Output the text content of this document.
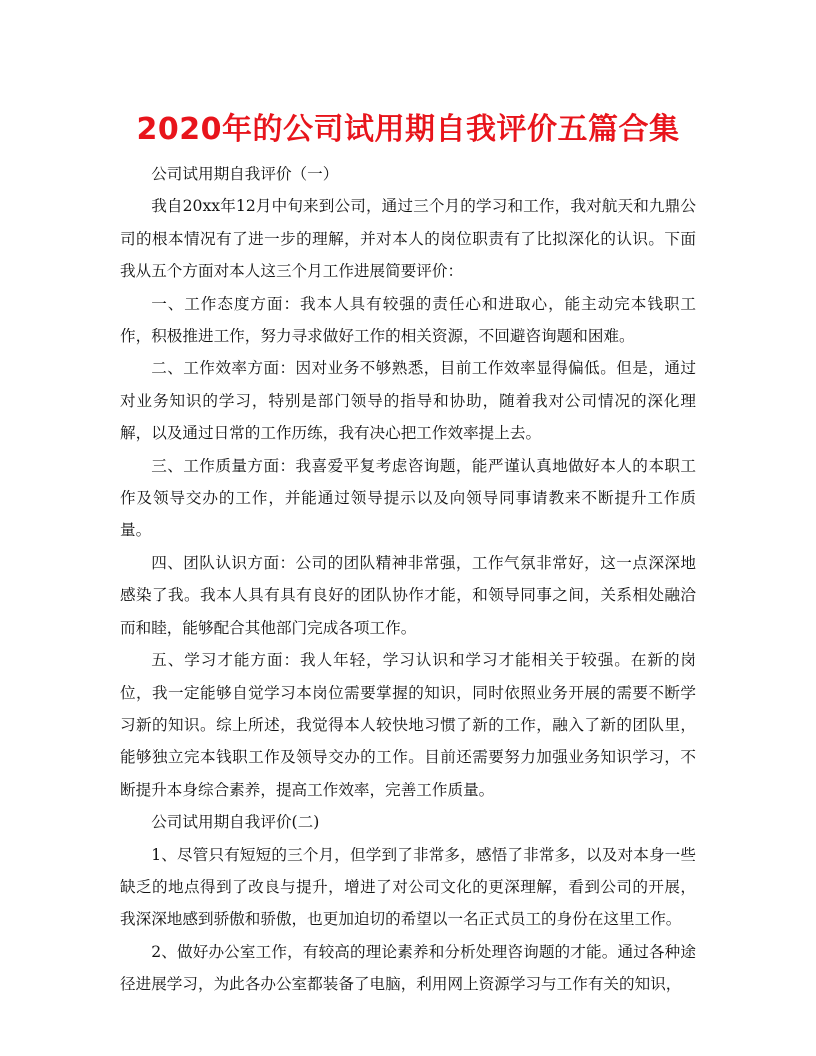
2020年的公司试用期自我评价五篇合集

公司试用期自我评价（一）

我自20xx年12月中旬来到公司，通过三个月的学习和工作，我对航天和九鼎公司的根本情况有了进一步的理解，并对本人的岗位职责有了比拟深化的认识。下面我从五个方面对本人这三个月工作进展简要评价：

一、工作态度方面：我本人具有较强的责任心和进取心，能主动完本钱职工作，积极推进工作，努力寻求做好工作的相关资源，不回避咨询题和困难。

二、工作效率方面：因对业务不够熟悉，目前工作效率显得偏低。但是，通过对业务知识的学习，特别是部门领导的指导和协助，随着我对公司情况的深化理解，以及通过日常的工作历练，我有决心把工作效率提上去。

三、工作质量方面：我喜爱平复考虑咨询题，能严谨认真地做好本人的本职工作及领导交办的工作，并能通过领导提示以及向领导同事请教来不断提升工作质量。

四、团队认识方面：公司的团队精神非常强，工作气氛非常好，这一点深深地感染了我。我本人具有具有良好的团队协作才能，和领导同事之间，关系相处融洽而和睦，能够配合其他部门完成各项工作。

五、学习才能方面：我人年轻，学习认识和学习才能相关于较强。在新的岗位，我一定能够自觉学习本岗位需要掌握的知识，同时依照业务开展的需要不断学习新的知识。综上所述，我觉得本人较快地习惯了新的工作，融入了新的团队里，能够独立完本钱职工作及领导交办的工作。目前还需要努力加强业务知识学习，不断提升本身综合素养，提高工作效率，完善工作质量。

公司试用期自我评价(二)

1、尽管只有短短的三个月，但学到了非常多，感悟了非常多，以及对本身一些缺乏的地点得到了改良与提升，增进了对公司文化的更深理解，看到公司的开展，我深深地感到骄傲和骄傲，也更加迫切的希望以一名正式员工的身份在这里工作。

2、做好办公室工作，有较高的理论素养和分析处理咨询题的才能。通过各种途径进展学习，为此各办公室都装备了电脑，利用网上资源学习与工作有关的知识，
